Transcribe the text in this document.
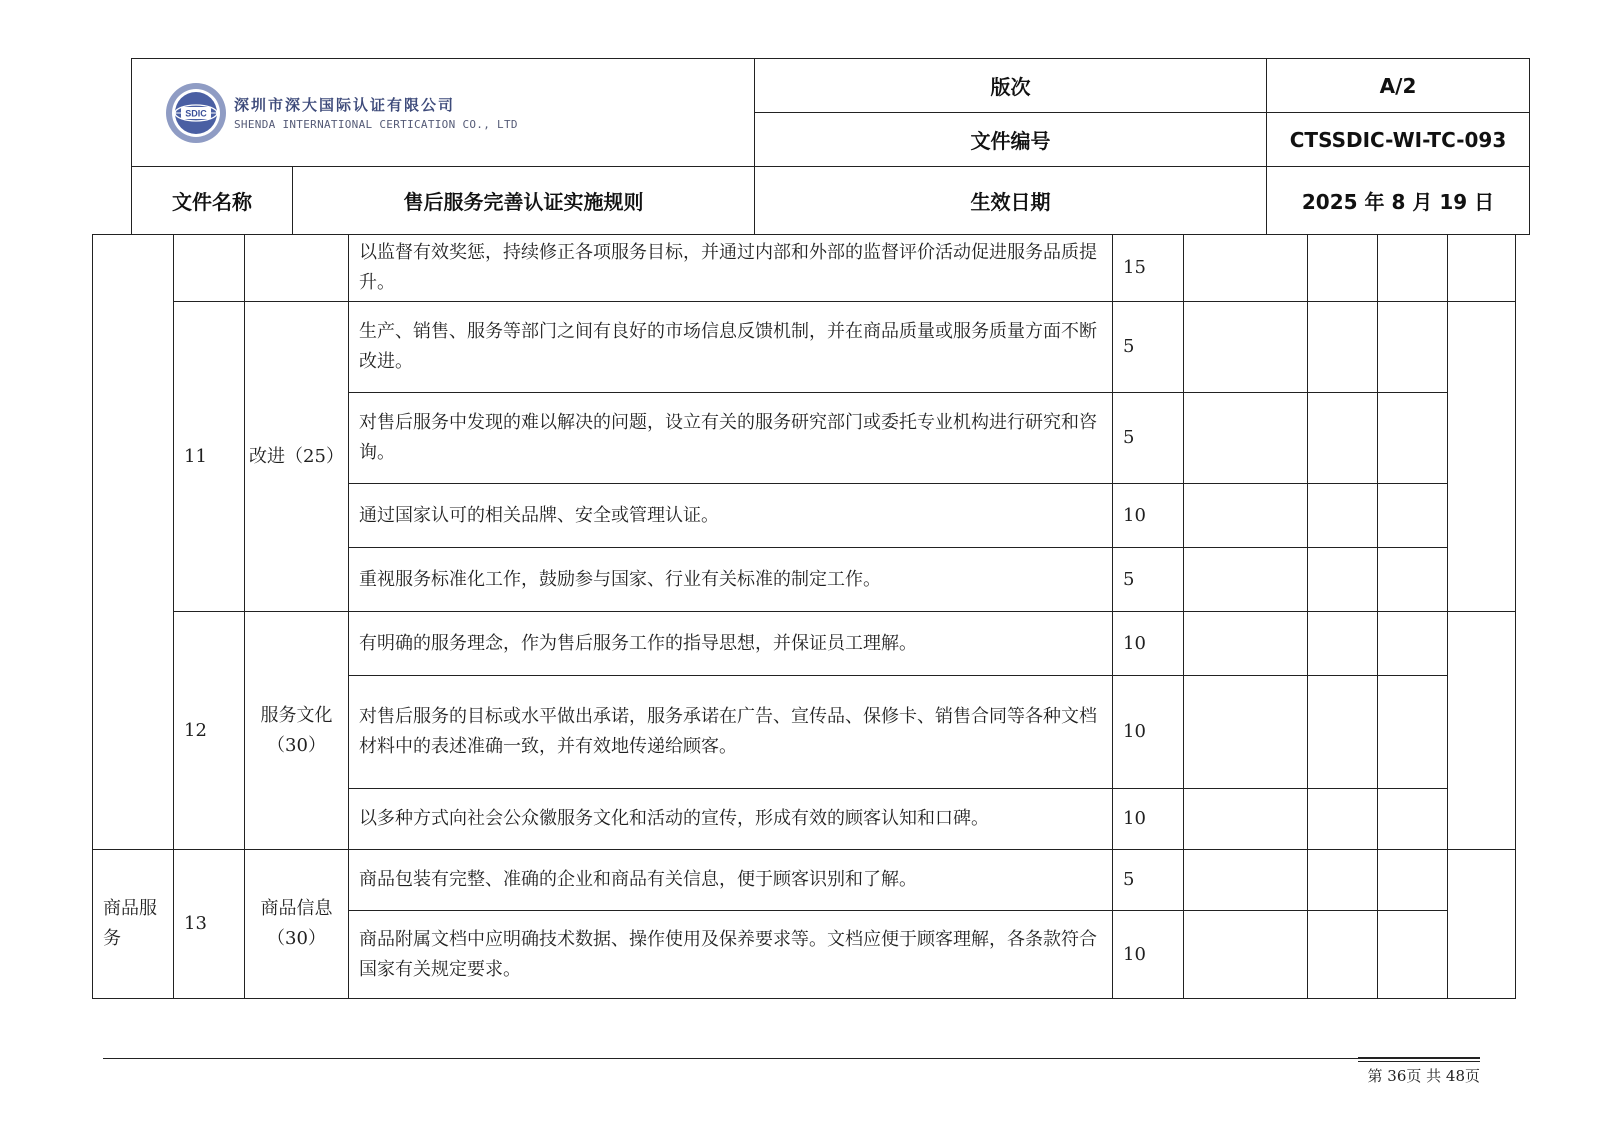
SDIC 深圳市深大国际认证有限公司
SHENDA INTERNATIONAL CERTICATION CO., LTD		版次	A/2
		文件编号	CTSSDIC-WI-TC-093
文件名称	售后服务完善认证实施规则	生效日期	2025 年 8 月 19 日
			以监督有效奖惩，持续修正各项服务目标，并通过内部和外部的监督评价活动促进服务品质提升。	15				
	11	改进（25）	生产、销售、服务等部门之间有良好的市场信息反馈机制，并在商品质量或服务质量方面不断改进。	5				
			对售后服务中发现的难以解决的问题，设立有关的服务研究部门或委托专业机构进行研究和咨询。	5				
			通过国家认可的相关品牌、安全或管理认证。	10				
			重视服务标准化工作，鼓励参与国家、行业有关标准的制定工作。	5				
	12	服务文化（30）	有明确的服务理念，作为售后服务工作的指导思想，并保证员工理解。	10				
			对售后服务的目标或水平做出承诺，服务承诺在广告、宣传品、保修卡、销售合同等各种文档材料中的表述准确一致，并有效地传递给顾客。	10				
			以多种方式向社会公众徽服务文化和活动的宣传，形成有效的顾客认知和口碑。	10				
商品服务	13	商品信息（30）	商品包装有完整、准确的企业和商品有关信息，便于顾客识别和了解。	5				
			商品附属文档中应明确技术数据、操作使用及保养要求等。文档应便于顾客理解，各条款符合国家有关规定要求。	10				
第 36页 共 48页
